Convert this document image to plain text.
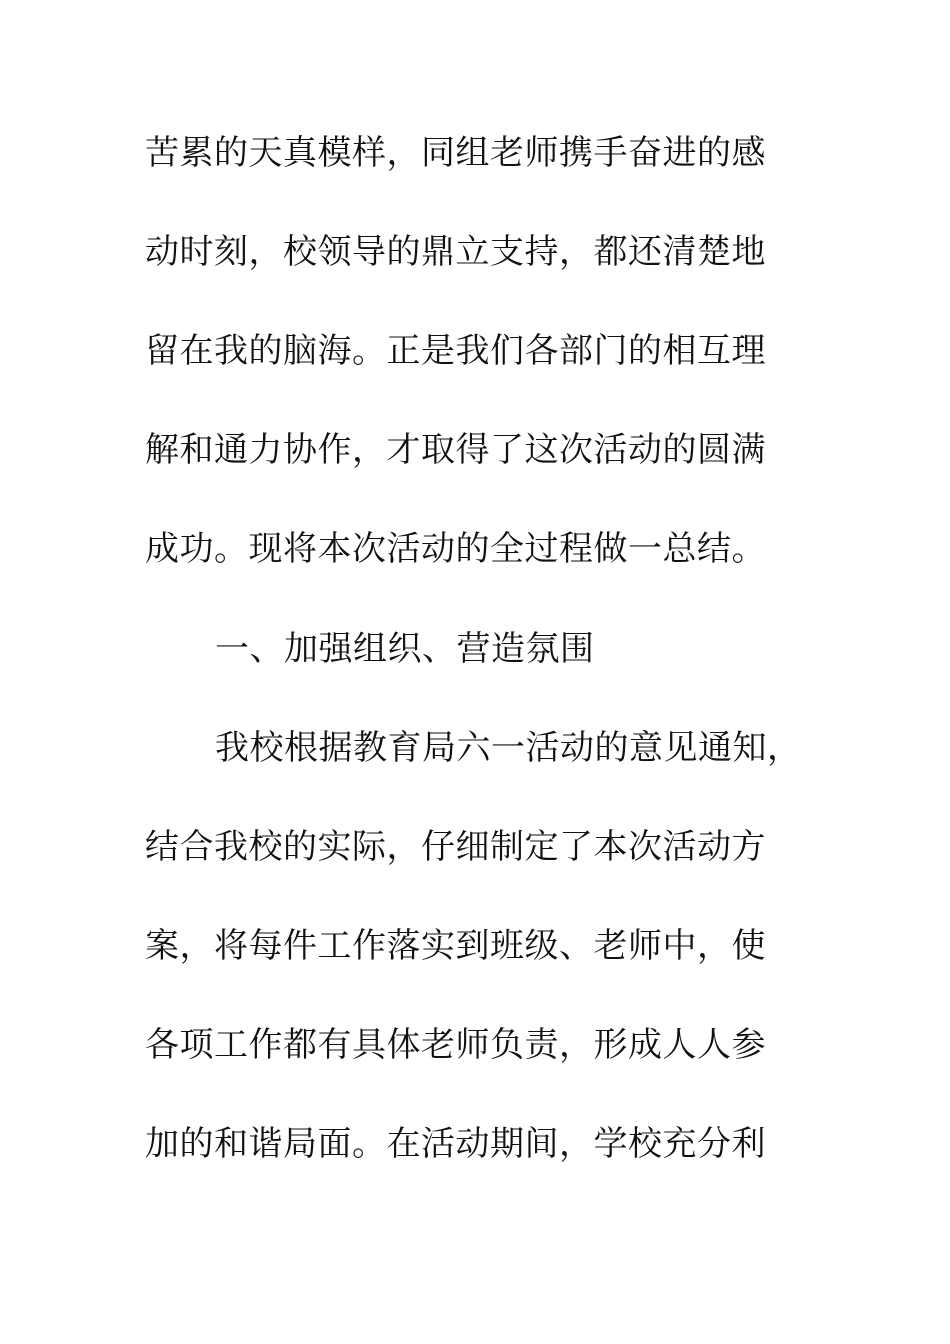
苦累的天真模样，同组老师携手奋进的感

动时刻，校领导的鼎立支持，都还清楚地

留在我的脑海。正是我们各部门的相互理

解和通力协作，才取得了这次活动的圆满

成功。现将本次活动的全过程做一总结。

一、加强组织、营造氛围

我校根据教育局六一活动的意见通知，

结合我校的实际，仔细制定了本次活动方

案，将每件工作落实到班级、老师中，使

各项工作都有具体老师负责，形成人人参

加的和谐局面。在活动期间，学校充分利
